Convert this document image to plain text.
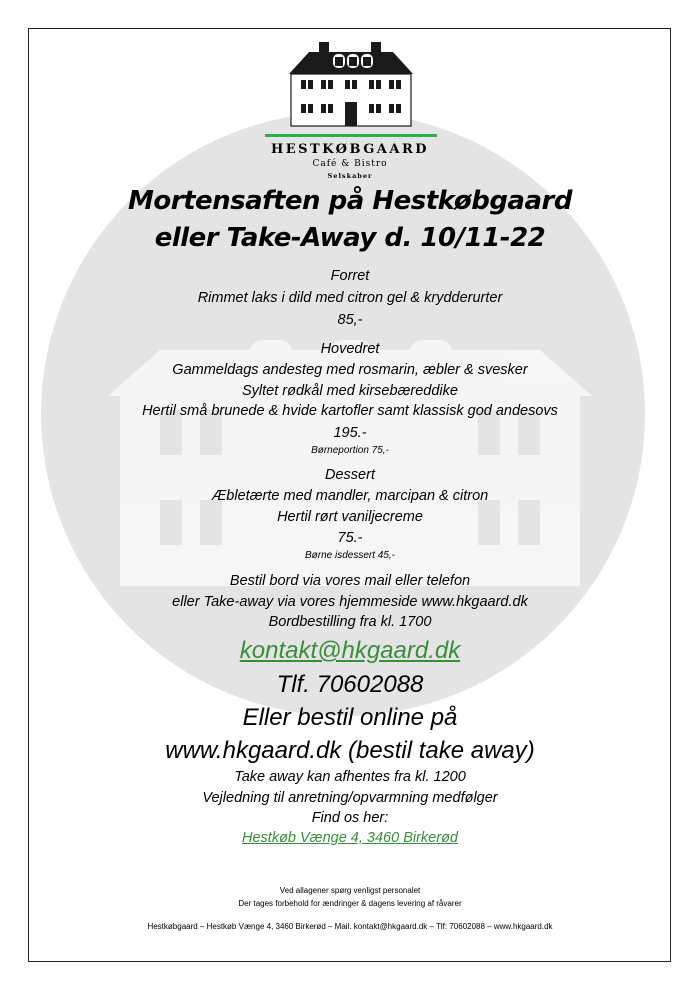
HESTKØBGAARD
Café & Bistro
Selskaber
Mortensaften på Hestkøbgaard
eller Take-Away d. 10/11-22
Forret
Rimmet laks i dild med citron gel & krydderurter
85,-
Hovedret
Gammeldags andesteg med rosmarin, æbler & svesker
Syltet rødkål med kirsebæreddike
Hertil små brunede & hvide kartofler samt klassisk god andesovs
195.-
Børneportion 75,-
Dessert
Æbletærte med mandler, marcipan & citron
Hertil rørt vaniljecreme
75.-
Børne isdessert 45,-
Bestil bord via vores mail eller telefon
eller Take-away via vores hjemmeside www.hkgaard.dk
Bordbestilling fra kl. 1700
kontakt@hkgaard.dk
Tlf. 70602088
Eller bestil online på
www.hkgaard.dk (bestil take away)
Take away kan afhentes fra kl. 1200
Vejledning til anretning/opvarmning medfølger
Find os her:
Hestkøb Vænge 4, 3460 Birkerød
Ved allagener spørg venligst personalet
Der tages forbehold for ændringer & dagens levering af råvarer
Hestkøbgaard – Hestkøb Vænge 4, 3460 Birkerød – Mail. kontakt@hkgaard.dk – Tlf: 70602088 – www.hkgaard.dk
